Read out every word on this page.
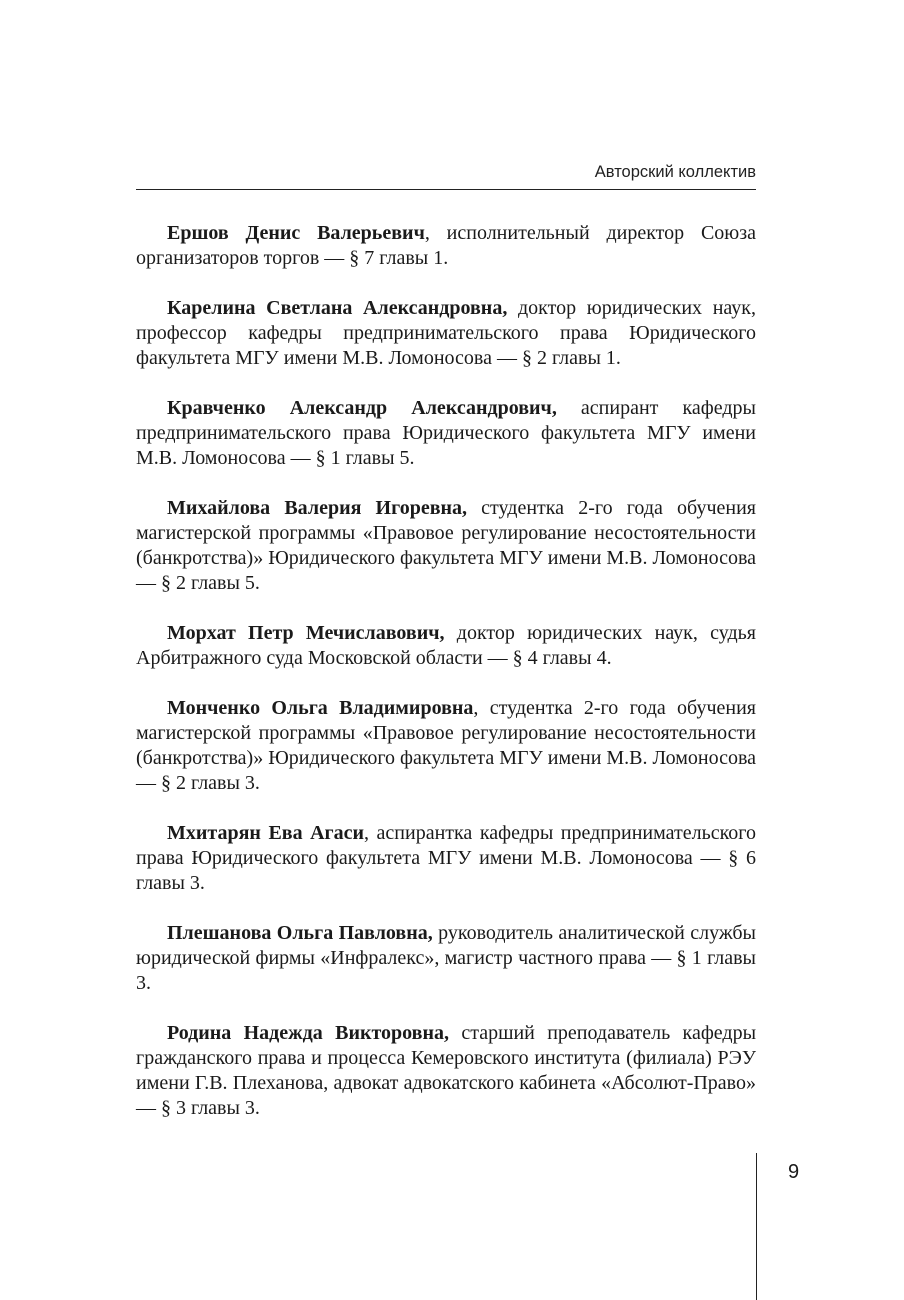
Авторский коллектив

Ершов Денис Валерьевич, исполнительный директор Союза организаторов торгов — § 7 главы 1.

Карелина Светлана Александровна, доктор юридических наук, профессор кафедры предпринимательского права Юридического факультета МГУ имени М.В. Ломоносова — § 2 главы 1.

Кравченко Александр Александрович, аспирант кафедры предпринимательского права Юридического факультета МГУ имени М.В. Ломоносова — § 1 главы 5.

Михайлова Валерия Игоревна, студентка 2-го года обучения магистерской программы «Правовое регулирование несостоятельности (банкротства)» Юридического факультета МГУ имени М.В. Ломоносова — § 2 главы 5.

Морхат Петр Мечиславович, доктор юридических наук, судья Арбитражного суда Московской области — § 4 главы 4.

Монченко Ольга Владимировна, студентка 2-го года обучения магистерской программы «Правовое регулирование несостоятельности (банкротства)» Юридического факультета МГУ имени М.В. Ломоносова — § 2 главы 3.

Мхитарян Ева Агаси, аспирантка кафедры предпринимательского права Юридического факультета МГУ имени М.В. Ломоносова — § 6 главы 3.

Плешанова Ольга Павловна, руководитель аналитической службы юридической фирмы «Инфралекс», магистр частного права — § 1 главы 3.

Родина Надежда Викторовна, старший преподаватель кафедры гражданского права и процесса Кемеровского института (филиала) РЭУ имени Г.В. Плеханова, адвокат адвокатского кабинета «Абсолют-Право» — § 3 главы 3.

9
